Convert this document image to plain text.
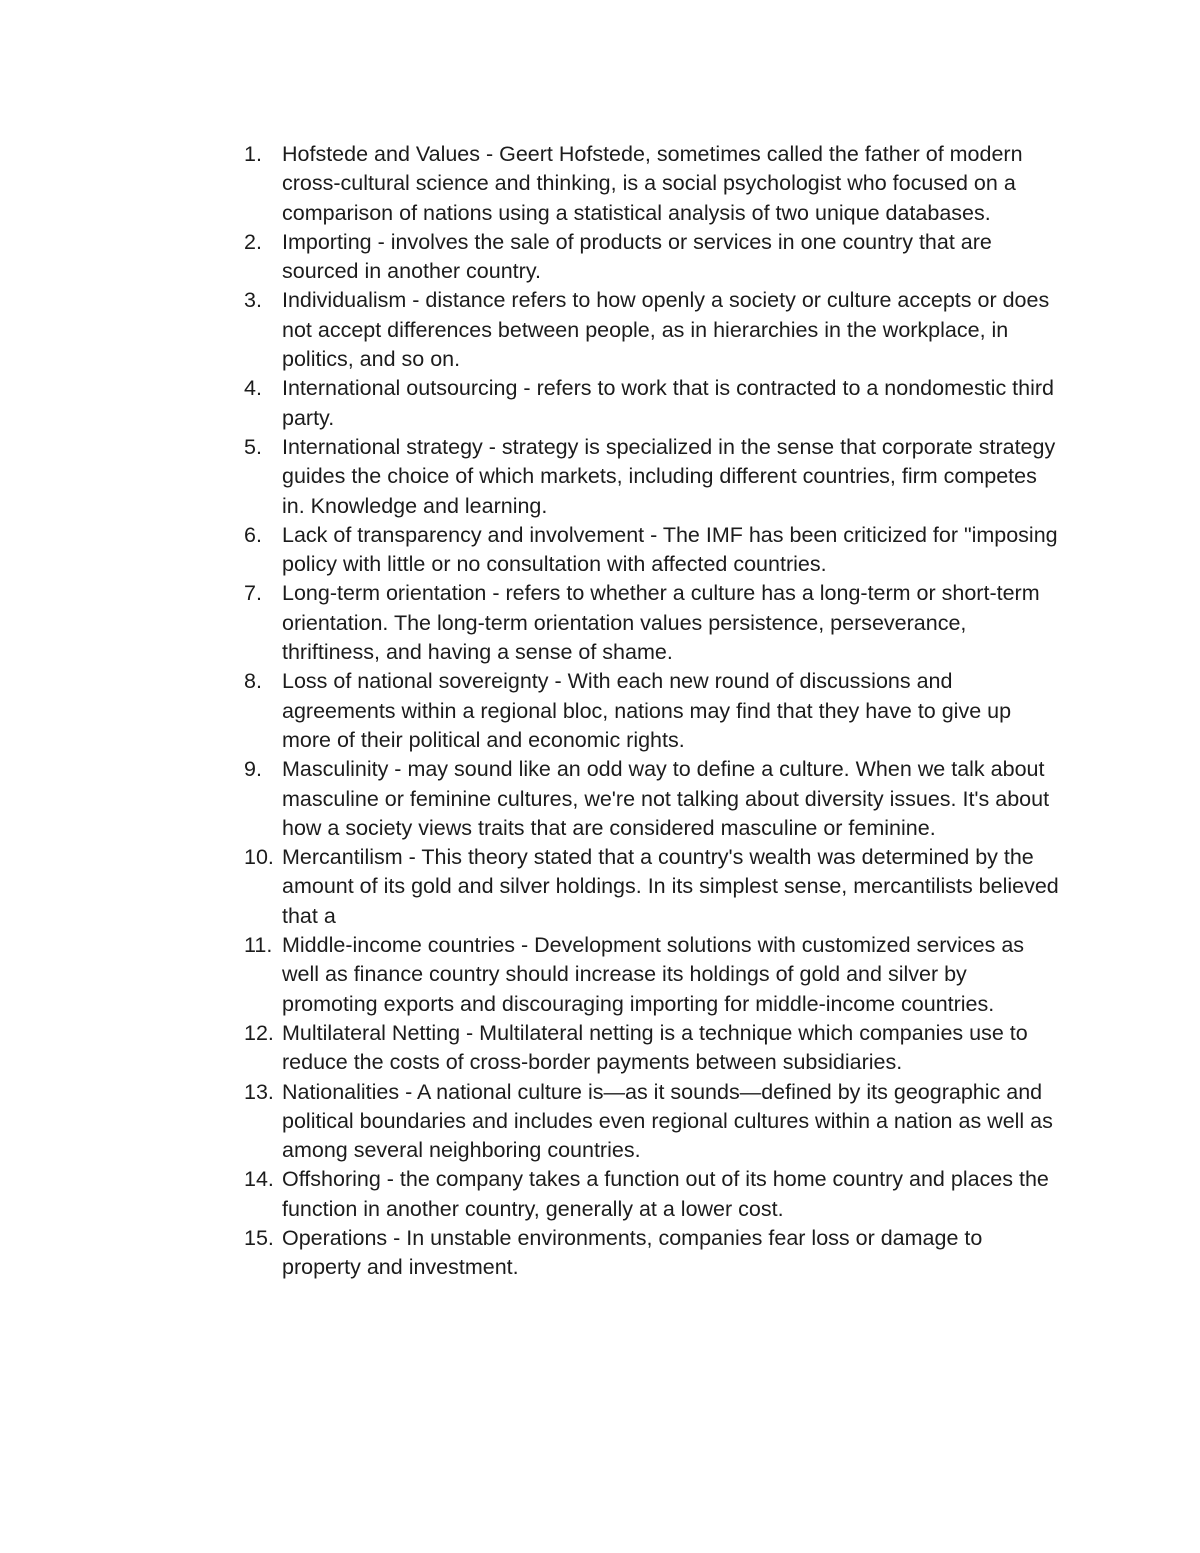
1. Hofstede and Values - Geert Hofstede, sometimes called the father of modern cross-cultural science and thinking, is a social psychologist who focused on a comparison of nations using a statistical analysis of two unique databases.
2. Importing - involves the sale of products or services in one country that are sourced in another country.
3. Individualism - distance refers to how openly a society or culture accepts or does not accept differences between people, as in hierarchies in the workplace, in politics, and so on.
4. International outsourcing - refers to work that is contracted to a nondomestic third party.
5. International strategy - strategy is specialized in the sense that corporate strategy guides the choice of which markets, including different countries, firm competes in. Knowledge and learning.
6. Lack of transparency and involvement - The IMF has been criticized for "imposing policy with little or no consultation with affected countries.
7. Long-term orientation - refers to whether a culture has a long-term or short-term orientation. The long-term orientation values persistence, perseverance, thriftiness, and having a sense of shame.
8. Loss of national sovereignty - With each new round of discussions and agreements within a regional bloc, nations may find that they have to give up more of their political and economic rights.
9. Masculinity - may sound like an odd way to define a culture. When we talk about masculine or feminine cultures, we're not talking about diversity issues. It's about how a society views traits that are considered masculine or feminine.
10. Mercantilism - This theory stated that a country's wealth was determined by the amount of its gold and silver holdings. In its simplest sense, mercantilists believed that a
11. Middle-income countries - Development solutions with customized services as well as finance country should increase its holdings of gold and silver by promoting exports and discouraging importing for middle-income countries.
12. Multilateral Netting - Multilateral netting is a technique which companies use to reduce the costs of cross-border payments between subsidiaries.
13. Nationalities - A national culture is—as it sounds—defined by its geographic and political boundaries and includes even regional cultures within a nation as well as among several neighboring countries.
14. Offshoring - the company takes a function out of its home country and places the function in another country, generally at a lower cost.
15. Operations - In unstable environments, companies fear loss or damage to property and investment.
